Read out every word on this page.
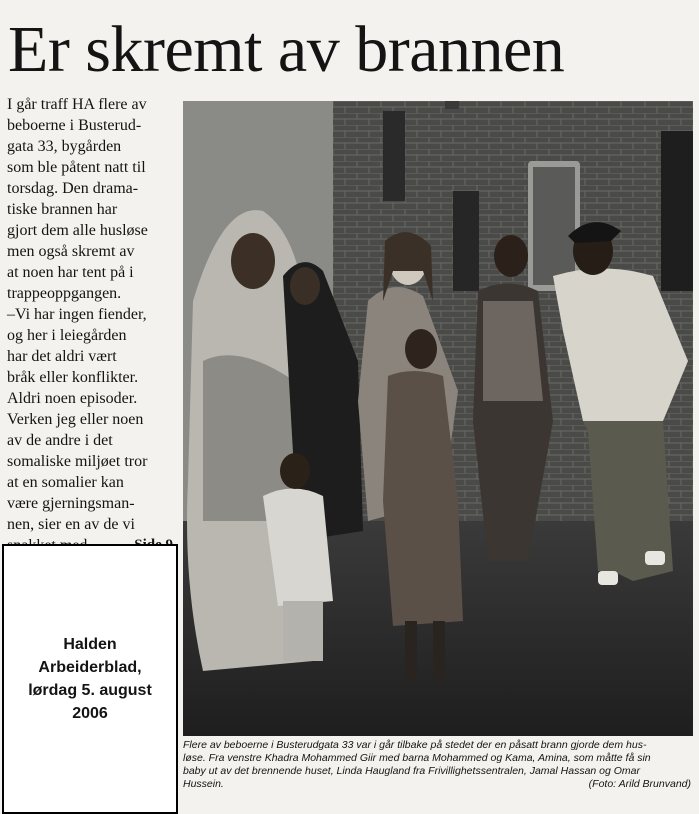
Er skremt av brannen
I går traff HA flere av
beboerne i Busterud-
gata 33, bygården
som ble påtent natt til
torsdag. Den drama-
tiske brannen har
gjort dem alle husløse
men også skremt av
at noen har tent på i
trappeoppgangen.
–Vi har ingen fiender,
og her i leiegården
har det aldri vært
bråk eller konflikter.
Aldri noen episoder.
Verken jeg eller noen
av de andre i det
somaliske miljøet tror
at en somalier kan
være gjerningsman-
nen, sier en av de vi
Flere av beboerne i Busterudgata 33 var i går tilbake på stedet der en påsatt brann gjorde dem hus-
løse. Fra venstre Khadra Mohammed Giir med barna Mohammed og Kama, Amina, som måtte få sin
baby ut av det brennende huset, Linda Haugland fra Frivillighetssentralen, Jamal Hassan og Omar
Hussein.	(Foto: Arild Brunvand)
Halden
Arbeiderblad,
lørdag 5. august
2006
